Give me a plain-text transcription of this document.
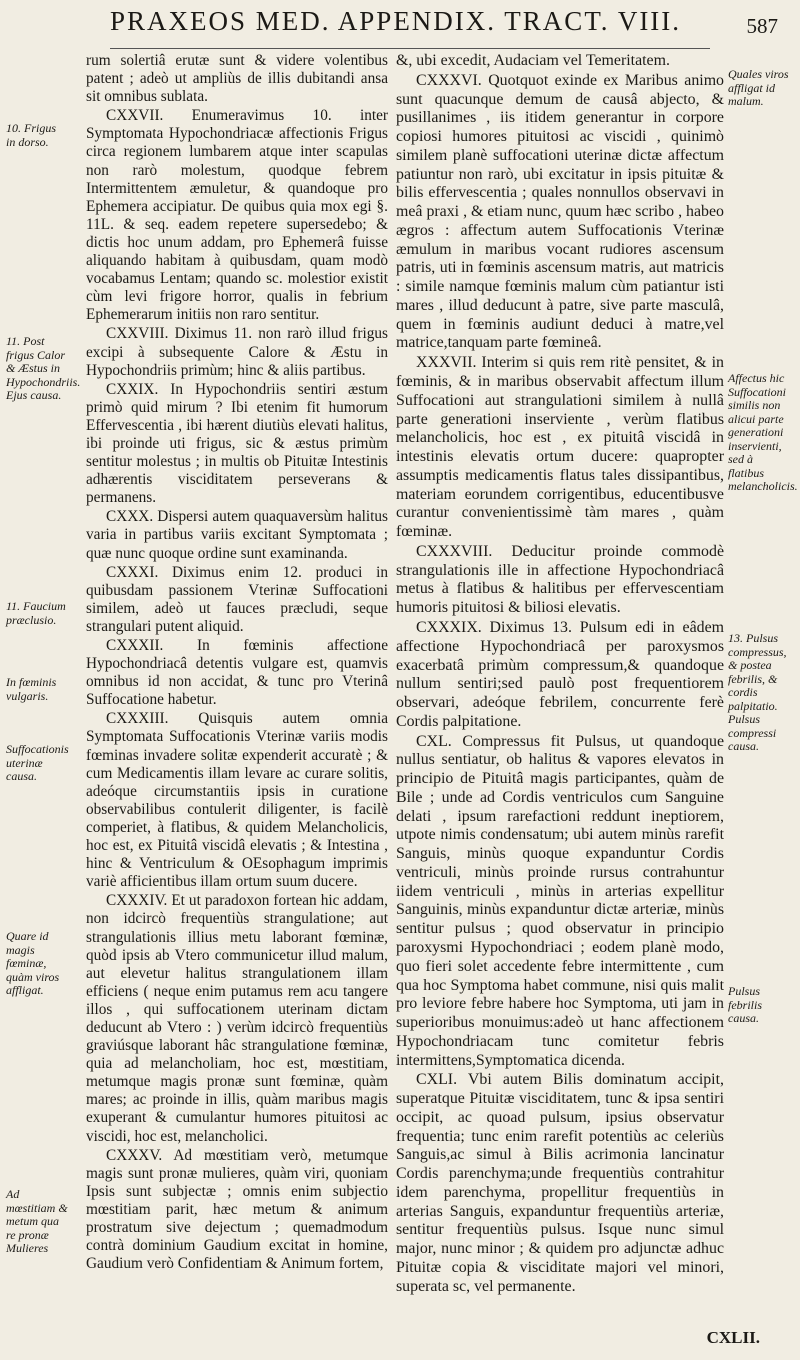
PRAXEOS MED. APPENDIX. TRACT. VIII.	587
10. Frigus in dorso.
11. Post frigus Calor & Æstus in Hypochondriis. Ejus causa.
11. Faucium præclusio.
In fœminis vulgaris.
Suffocationis uterinæ causa.
Quare id magis fœminæ, quàm viros affligat.
Ad mœstitiam & metum qua re pronæ Mulieres

rum solertiâ erutæ sunt & videre volentibus patent ; adeò ut ampliùs de illis dubitandi ansa sit omnibus sublata.

CXXVII. Enumeravimus 10. inter Symptomata Hypochondriacæ affectionis Frigus circa regionem lumbarem atque inter scapulas non rarò molestum, quodque febrem Intermittentem æmuletur, & quandoque pro Ephemera accipiatur. De quibus quia mox egi §. 11L. & seq. eadem repetere supersedebo; & dictis hoc unum addam, pro Ephemerâ fuisse aliquando habitam à quibusdam, quam modò vocabamus Lentam; quando sc. molestior existit cùm levi frigore horror, qualis in febrium Ephemerarum initiis non raro sentitur.

CXXVIII. Diximus 11. non rarò illud frigus excipi à subsequente Calore & Æstu in Hypochondriis primùm; hinc & aliis partibus.

CXXIX. In Hypochondriis sentiri æstum primò quid mirum ? Ibi etenim fit humorum Effervescentia , ibi hærent diutiùs elevati halitus, ibi proinde uti frigus, sic & æstus primùm sentitur molestus ; in multis ob Pituitæ Intestinis adhærentis visciditatem perseverans & permanens.

CXXX. Dispersi autem quaquaversùm halitus varia in partibus variis excitant Symptomata ; quæ nunc quoque ordine sunt examinanda.

CXXXI. Diximus enim 12. produci in quibusdam passionem Vterinæ Suffocationi similem, adeò ut fauces præcludi, seque strangulari putent aliquid.

CXXXII. In fœminis affectione Hypochondriacâ detentis vulgare est, quamvis omnibus id non accidat, & tunc pro Vterinâ Suffocatione habetur.

CXXXIII. Quisquis autem omnia Symptomata Suffocationis Vterinæ variis modis fœminas invadere solitæ expenderit accuratè ; & cum Medicamentis illam levare ac curare solitis, adeóque circumstantiis ipsis in curatione observabilibus contulerit diligenter, is facilè comperiet, à flatibus, & quidem Melancholicis, hoc est, ex Pituitâ viscidâ elevatis ; & Intestina , hinc & Ventriculum & OEsophagum imprimis variè afficientibus illam ortum suum ducere.

CXXXIV. Et ut paradoxon fortean hic addam, non idcircò frequentiùs strangulatione; aut strangulationis illius metu laborant fœminæ, quòd ipsis ab Vtero communicetur illud malum, aut elevetur halitus strangulationem illam efficiens ( neque enim putamus rem acu tangere illos , qui suffocationem uterinam dictam deducunt ab Vtero : ) verùm idcircò frequentiùs graviúsque laborant hâc strangulatione fœminæ, quia ad melancholiam, hoc est, mœstitiam, metumque magis pronæ sunt fœminæ, quàm mares; ac proinde in illis, quàm maribus magis exuperant & cumulantur humores pituitosi ac viscidi, hoc est, melancholici.

CXXXV. Ad mœstitiam verò, metumque magis sunt pronæ mulieres, quàm viri, quoniam Ipsis sunt subjectæ ; omnis enim subjectio mœstitiam parit, hæc metum & animum prostratum sive dejectum ; quemadmodum contrà dominium Gaudium excitat in homine, Gaudium verò Confidentiam & Animum fortem,

&, ubi excedit, Audaciam vel Temeritatem.

CXXXVI. Quotquot exinde ex Maribus animo sunt quacunque demum de causâ abjecto, & pusillanimes , iis itidem generantur in corpore copiosi humores pituitosi ac viscidi , quinimò similem planè suffocationi uterinæ dictæ affectum patiuntur non rarò, ubi excitatur in ipsis pituitæ & bilis effervescentia ; quales nonnullos observavi in meâ praxi , & etiam nunc, quum hæc scribo , habeo ægros : affectum autem Suffocationis Vterinæ æmulum in maribus vocant rudiores ascensum patris, uti in fœminis ascensum matris, aut matricis : simile namque fœminis malum cùm patiantur isti mares , illud deducunt à patre, sive parte masculâ, quem in fœminis audiunt deduci à matre,vel matrice,tanquam parte fœmineâ.

XXXVII. Interim si quis rem ritè pensitet, & in fœminis, & in maribus observabit affectum illum Suffocationi aut strangulationi similem à nullâ parte generationi inserviente , verùm flatibus melancholicis, hoc est , ex pituitâ viscidâ in intestinis elevatis ortum ducere: quapropter assumptis medicamentis flatus tales dissipantibus, materiam eorundem corrigentibus, educentibusve curantur convenientissimè tàm mares , quàm fœminæ.

CXXXVIII. Deducitur proinde commodè strangulationis ille in affectione Hypochondriacâ metus à flatibus & halitibus per effervescentiam humoris pituitosi & biliosi elevatis.

CXXXIX. Diximus 13. Pulsum edi in eâdem affectione Hypochondriacâ per paroxysmos exacerbatâ primùm compressum,& quandoque nullum sentiri;sed paulò post frequentiorem observari, adeóque febrilem, concurrente ferè Cordis palpitatione.

CXL. Compressus fit Pulsus, ut quandoque nullus sentiatur, ob halitus & vapores elevatos in principio de Pituitâ magis participantes, quàm de Bile ; unde ad Cordis ventriculos cum Sanguine delati , ipsum rarefactioni reddunt ineptiorem, utpote nimis condensatum; ubi autem minùs rarefit Sanguis, minùs quoque expanduntur Cordis ventriculi, minùs proinde rursus contrahuntur iidem ventriculi , minùs in arterias expellitur Sanguinis, minùs expanduntur dictæ arteriæ, minùs sentitur pulsus ; quod observatur in principio paroxysmi Hypochondriaci ; eodem planè modo, quo fieri solet accedente febre intermittente , cum qua hoc Symptoma habet commune, nisi quis malit pro leviore febre habere hoc Symptoma, uti jam in superioribus monuimus:adeò ut hanc affectionem Hypochondriacam tunc comitetur febris intermittens,Symptomatica dicenda.

CXLI. Vbi autem Bilis dominatum accipit, superatque Pituitæ visciditatem, tunc & ipsa sentiri occipit, ac quoad pulsum, ipsius observatur frequentia; tunc enim rarefit potentiùs ac celeriùs Sanguis,ac simul à Bilis acrimonia lancinatur Cordis parenchyma;unde frequentiùs contrahitur idem parenchyma, propellitur frequentiùs in arterias Sanguis, expanduntur frequentiùs arteriæ, sentitur frequentiùs pulsus. Isque nunc simul major, nunc minor ; & quidem pro adjunctæ adhuc Pituitæ copia & visciditate majori vel minori, superata sc, vel permanente.

Quales viros affligat id malum.
Affectus hic Suffocationi similis non alicui parte generationi inservienti, sed à flatibus melancholicis.
13. Pulsus compressus, & postea febrilis, & cordis palpitatio. Pulsus compressi causa.
Pulsus febrilis causa.
CXLII.
